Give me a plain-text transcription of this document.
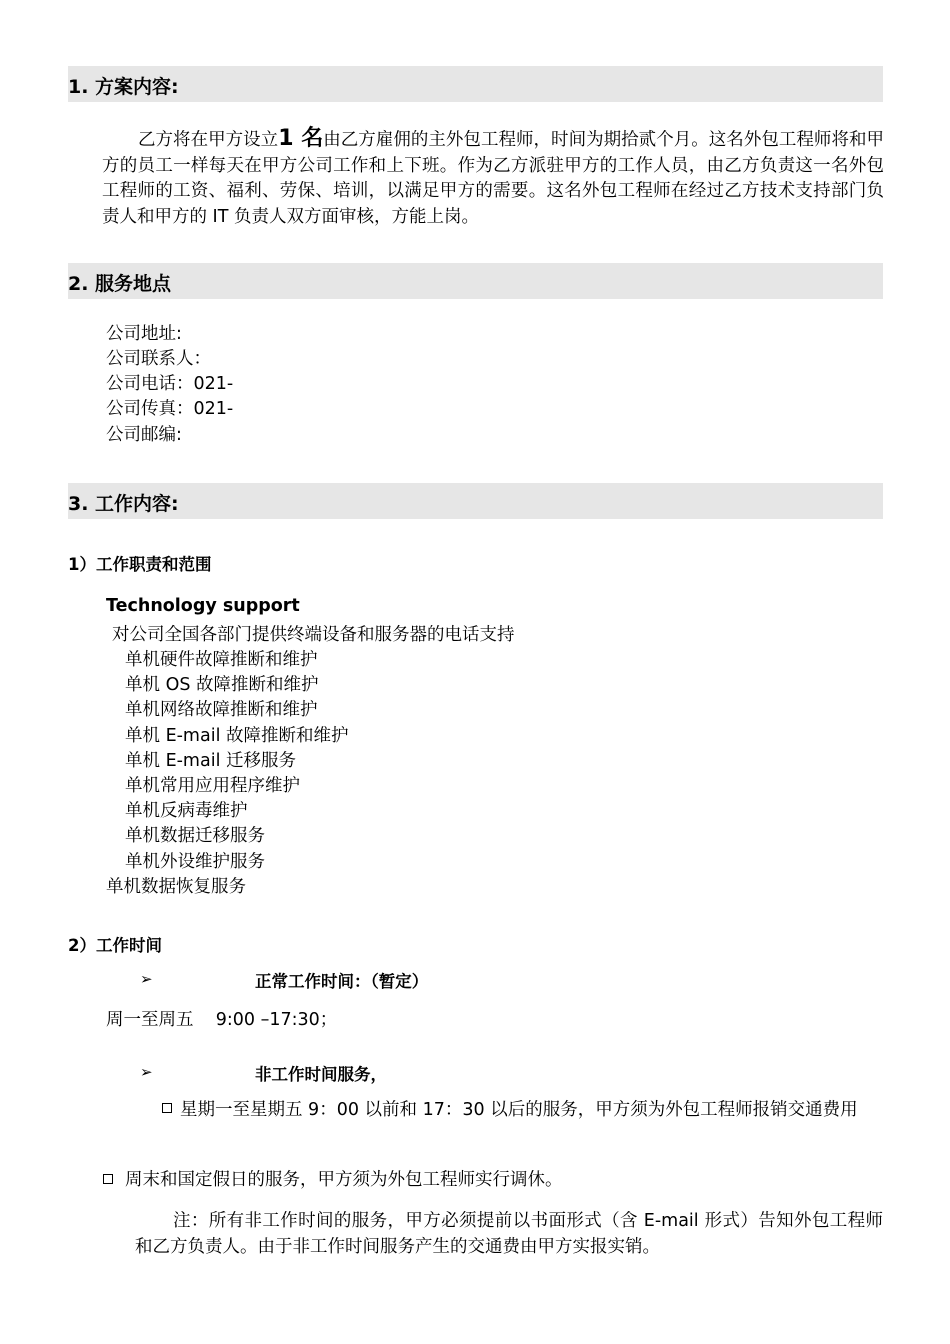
1. 方案内容:
乙方将在甲方设立1 名由乙方雇佣的主外包工程师，时间为期拾贰个月。这名外包工程师将和甲方的员工一样每天在甲方公司工作和上下班。作为乙方派驻甲方的工作人员，由乙方负责这一名外包工程师的工资、福利、劳保、培训，以满足甲方的需要。这名外包工程师在经过乙方技术支持部门负责人和甲方的 IT 负责人双方面审核，方能上岗。
2. 服务地点
公司地址:
公司联系人：
公司电话：021-
公司传真：021-
公司邮编:
3. 工作内容:
1）工作职责和范围
Technology support
对公司全国各部门提供终端设备和服务器的电话支持
单机硬件故障推断和维护
单机 OS 故障推断和维护
单机网络故障推断和维护
单机 E-mail 故障推断和维护
单机 E-mail 迁移服务
单机常用应用程序维护
单机反病毒维护
单机数据迁移服务
单机外设维护服务
单机数据恢复服务
2）工作时间
➢	正常工作时间：（暂定）
周一至周五    9:00 –17:30；
➢	非工作时间服务，
星期一至星期五 9：00 以前和 17：30 以后的服务，甲方须为外包工程师报销交通费用
周末和国定假日的服务，甲方须为外包工程师实行调休。
注：所有非工作时间的服务，甲方必须提前以书面形式（含 E-mail 形式）告知外包工程师和乙方负责人。由于非工作时间服务产生的交通费由甲方实报实销。
